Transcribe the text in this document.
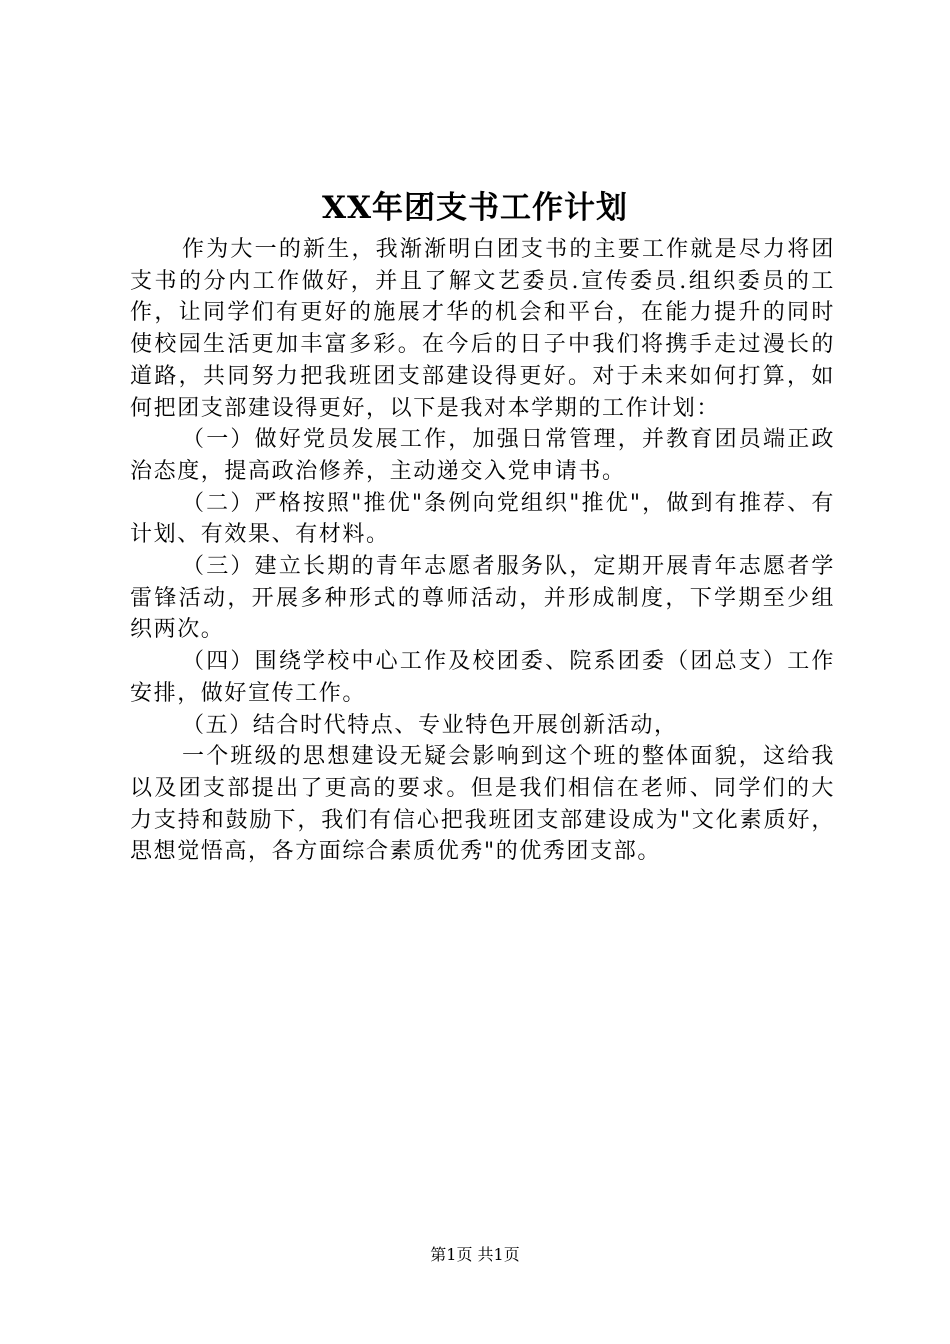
XX年团支书工作计划

作为大一的新生，我渐渐明白团支书的主要工作就是尽力将团支书的分内工作做好，并且了解文艺委员.宣传委员.组织委员的工作，让同学们有更好的施展才华的机会和平台，在能力提升的同时使校园生活更加丰富多彩。在今后的日子中我们将携手走过漫长的道路，共同努力把我班团支部建设得更好。对于未来如何打算，如何把团支部建设得更好，以下是我对本学期的工作计划：

（一）做好党员发展工作，加强日常管理，并教育团员端正政治态度，提高政治修养，主动递交入党申请书。

（二）严格按照"推优"条例向党组织"推优"，做到有推荐、有计划、有效果、有材料。

（三）建立长期的青年志愿者服务队，定期开展青年志愿者学雷锋活动，开展多种形式的尊师活动，并形成制度，下学期至少组织两次。

（四）围绕学校中心工作及校团委、院系团委（团总支）工作安排，做好宣传工作。

（五）结合时代特点、专业特色开展创新活动，

一个班级的思想建设无疑会影响到这个班的整体面貌，这给我以及团支部提出了更高的要求。但是我们相信在老师、同学们的大力支持和鼓励下，我们有信心把我班团支部建设成为"文化素质好，思想觉悟高，各方面综合素质优秀"的优秀团支部。

第1页 共1页
